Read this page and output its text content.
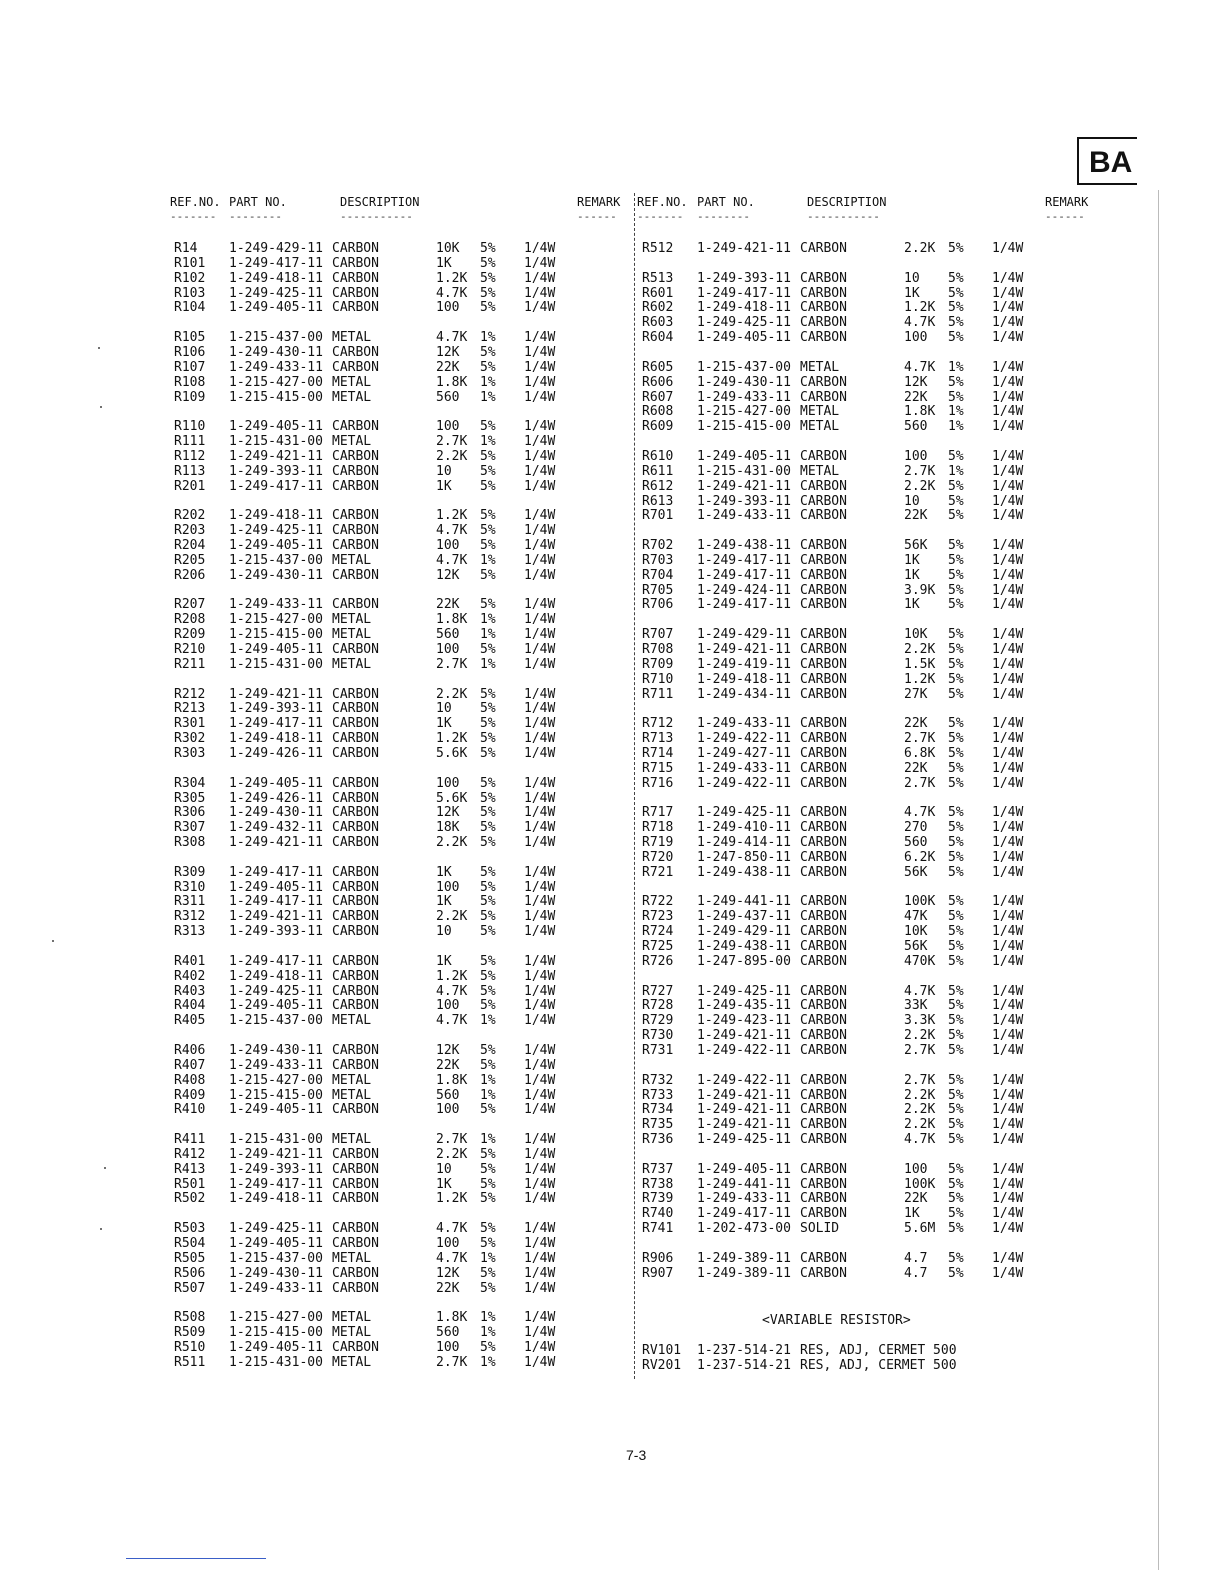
BA
REF.NO. PART NO.	DESCRIPTION	REMARK
------- --------	-----------	------
REF.NO. PART NO.	DESCRIPTION	REMARK
------- --------	-----------	------
R14 1-249-429-11 CARBON	10K 5% 1/4W
R101 1-249-417-11 CARBON	1K 5% 1/4W
R102 1-249-418-11 CARBON	1.2K 5% 1/4W
R103 1-249-425-11 CARBON	4.7K 5% 1/4W
R104 1-249-405-11 CARBON	100 5% 1/4W
R105 1-215-437-00 METAL	4.7K 1% 1/4W
R106 1-249-430-11 CARBON	12K 5% 1/4W
R107 1-249-433-11 CARBON	22K 5% 1/4W
R108 1-215-427-00 METAL	1.8K 1% 1/4W
R109 1-215-415-00 METAL	560 1% 1/4W
R110 1-249-405-11 CARBON	100 5% 1/4W
R111 1-215-431-00 METAL	2.7K 1% 1/4W
R112 1-249-421-11 CARBON	2.2K 5% 1/4W
R113 1-249-393-11 CARBON	10 5% 1/4W
R201 1-249-417-11 CARBON	1K 5% 1/4W
R202 1-249-418-11 CARBON	1.2K 5% 1/4W
R203 1-249-425-11 CARBON	4.7K 5% 1/4W
R204 1-249-405-11 CARBON	100 5% 1/4W
R205 1-215-437-00 METAL	4.7K 1% 1/4W
R206 1-249-430-11 CARBON	12K 5% 1/4W
R207 1-249-433-11 CARBON	22K 5% 1/4W
R208 1-215-427-00 METAL	1.8K 1% 1/4W
R209 1-215-415-00 METAL	560 1% 1/4W
R210 1-249-405-11 CARBON	100 5% 1/4W
R211 1-215-431-00 METAL	2.7K 1% 1/4W
R212 1-249-421-11 CARBON	2.2K 5% 1/4W
R213 1-249-393-11 CARBON	10 5% 1/4W
R301 1-249-417-11 CARBON	1K 5% 1/4W
R302 1-249-418-11 CARBON	1.2K 5% 1/4W
R303 1-249-426-11 CARBON	5.6K 5% 1/4W
R304 1-249-405-11 CARBON	100 5% 1/4W
R305 1-249-426-11 CARBON	5.6K 5% 1/4W
R306 1-249-430-11 CARBON	12K 5% 1/4W
R307 1-249-432-11 CARBON	18K 5% 1/4W
R308 1-249-421-11 CARBON	2.2K 5% 1/4W
R309 1-249-417-11 CARBON	1K 5% 1/4W
R310 1-249-405-11 CARBON	100 5% 1/4W
R311 1-249-417-11 CARBON	1K 5% 1/4W
R312 1-249-421-11 CARBON	2.2K 5% 1/4W
R313 1-249-393-11 CARBON	10 5% 1/4W
R401 1-249-417-11 CARBON	1K 5% 1/4W
R402 1-249-418-11 CARBON	1.2K 5% 1/4W
R403 1-249-425-11 CARBON	4.7K 5% 1/4W
R404 1-249-405-11 CARBON	100 5% 1/4W
R405 1-215-437-00 METAL	4.7K 1% 1/4W
R406 1-249-430-11 CARBON	12K 5% 1/4W
R407 1-249-433-11 CARBON	22K 5% 1/4W
R408 1-215-427-00 METAL	1.8K 1% 1/4W
R409 1-215-415-00 METAL	560 1% 1/4W
R410 1-249-405-11 CARBON	100 5% 1/4W
R411 1-215-431-00 METAL	2.7K 1% 1/4W
R412 1-249-421-11 CARBON	2.2K 5% 1/4W
R413 1-249-393-11 CARBON	10 5% 1/4W
R501 1-249-417-11 CARBON	1K 5% 1/4W
R502 1-249-418-11 CARBON	1.2K 5% 1/4W
R503 1-249-425-11 CARBON	4.7K 5% 1/4W
R504 1-249-405-11 CARBON	100 5% 1/4W
R505 1-215-437-00 METAL	4.7K 1% 1/4W
R506 1-249-430-11 CARBON	12K 5% 1/4W
R507 1-249-433-11 CARBON	22K 5% 1/4W
R508 1-215-427-00 METAL	1.8K 1% 1/4W
R509 1-215-415-00 METAL	560 1% 1/4W
R510 1-249-405-11 CARBON	100 5% 1/4W
R511 1-215-431-00 METAL	2.7K 1% 1/4W
R512 1-249-421-11 CARBON	2.2K 5% 1/4W
R513 1-249-393-11 CARBON	10 5% 1/4W
R601 1-249-417-11 CARBON	1K 5% 1/4W
R602 1-249-418-11 CARBON	1.2K 5% 1/4W
R603 1-249-425-11 CARBON	4.7K 5% 1/4W
R604 1-249-405-11 CARBON	100 5% 1/4W
R605 1-215-437-00 METAL	4.7K 1% 1/4W
R606 1-249-430-11 CARBON	12K 5% 1/4W
R607 1-249-433-11 CARBON	22K 5% 1/4W
R608 1-215-427-00 METAL	1.8K 1% 1/4W
R609 1-215-415-00 METAL	560 1% 1/4W
R610 1-249-405-11 CARBON	100 5% 1/4W
R611 1-215-431-00 METAL	2.7K 1% 1/4W
R612 1-249-421-11 CARBON	2.2K 5% 1/4W
R613 1-249-393-11 CARBON	10 5% 1/4W
R701 1-249-433-11 CARBON	22K 5% 1/4W
R702 1-249-438-11 CARBON	56K 5% 1/4W
R703 1-249-417-11 CARBON	1K 5% 1/4W
R704 1-249-417-11 CARBON	1K 5% 1/4W
R705 1-249-424-11 CARBON	3.9K 5% 1/4W
R706 1-249-417-11 CARBON	1K 5% 1/4W
R707 1-249-429-11 CARBON	10K 5% 1/4W
R708 1-249-421-11 CARBON	2.2K 5% 1/4W
R709 1-249-419-11 CARBON	1.5K 5% 1/4W
R710 1-249-418-11 CARBON	1.2K 5% 1/4W
R711 1-249-434-11 CARBON	27K 5% 1/4W
R712 1-249-433-11 CARBON	22K 5% 1/4W
R713 1-249-422-11 CARBON	2.7K 5% 1/4W
R714 1-249-427-11 CARBON	6.8K 5% 1/4W
R715 1-249-433-11 CARBON	22K 5% 1/4W
R716 1-249-422-11 CARBON	2.7K 5% 1/4W
R717 1-249-425-11 CARBON	4.7K 5% 1/4W
R718 1-249-410-11 CARBON	270 5% 1/4W
R719 1-249-414-11 CARBON	560 5% 1/4W
R720 1-247-850-11 CARBON	6.2K 5% 1/4W
R721 1-249-438-11 CARBON	56K 5% 1/4W
R722 1-249-441-11 CARBON	100K 5% 1/4W
R723 1-249-437-11 CARBON	47K 5% 1/4W
R724 1-249-429-11 CARBON	10K 5% 1/4W
R725 1-249-438-11 CARBON	56K 5% 1/4W
R726 1-247-895-00 CARBON	470K 5% 1/4W
R727 1-249-425-11 CARBON	4.7K 5% 1/4W
R728 1-249-435-11 CARBON	33K 5% 1/4W
R729 1-249-423-11 CARBON	3.3K 5% 1/4W
R730 1-249-421-11 CARBON	2.2K 5% 1/4W
R731 1-249-422-11 CARBON	2.7K 5% 1/4W
R732 1-249-422-11 CARBON	2.7K 5% 1/4W
R733 1-249-421-11 CARBON	2.2K 5% 1/4W
R734 1-249-421-11 CARBON	2.2K 5% 1/4W
R735 1-249-421-11 CARBON	2.2K 5% 1/4W
R736 1-249-425-11 CARBON	4.7K 5% 1/4W
R737 1-249-405-11 CARBON	100 5% 1/4W
R738 1-249-441-11 CARBON	100K 5% 1/4W
R739 1-249-433-11 CARBON	22K 5% 1/4W
R740 1-249-417-11 CARBON	1K 5% 1/4W
R741 1-202-473-00 SOLID	5.6M 5% 1/4W
R906 1-249-389-11 CARBON	4.7 5% 1/4W
R907 1-249-389-11 CARBON	4.7 5% 1/4W
<VARIABLE RESISTOR>
RV101 1-237-514-21 RES, ADJ, CERMET 500
RV201 1-237-514-21 RES, ADJ, CERMET 500
7-3
